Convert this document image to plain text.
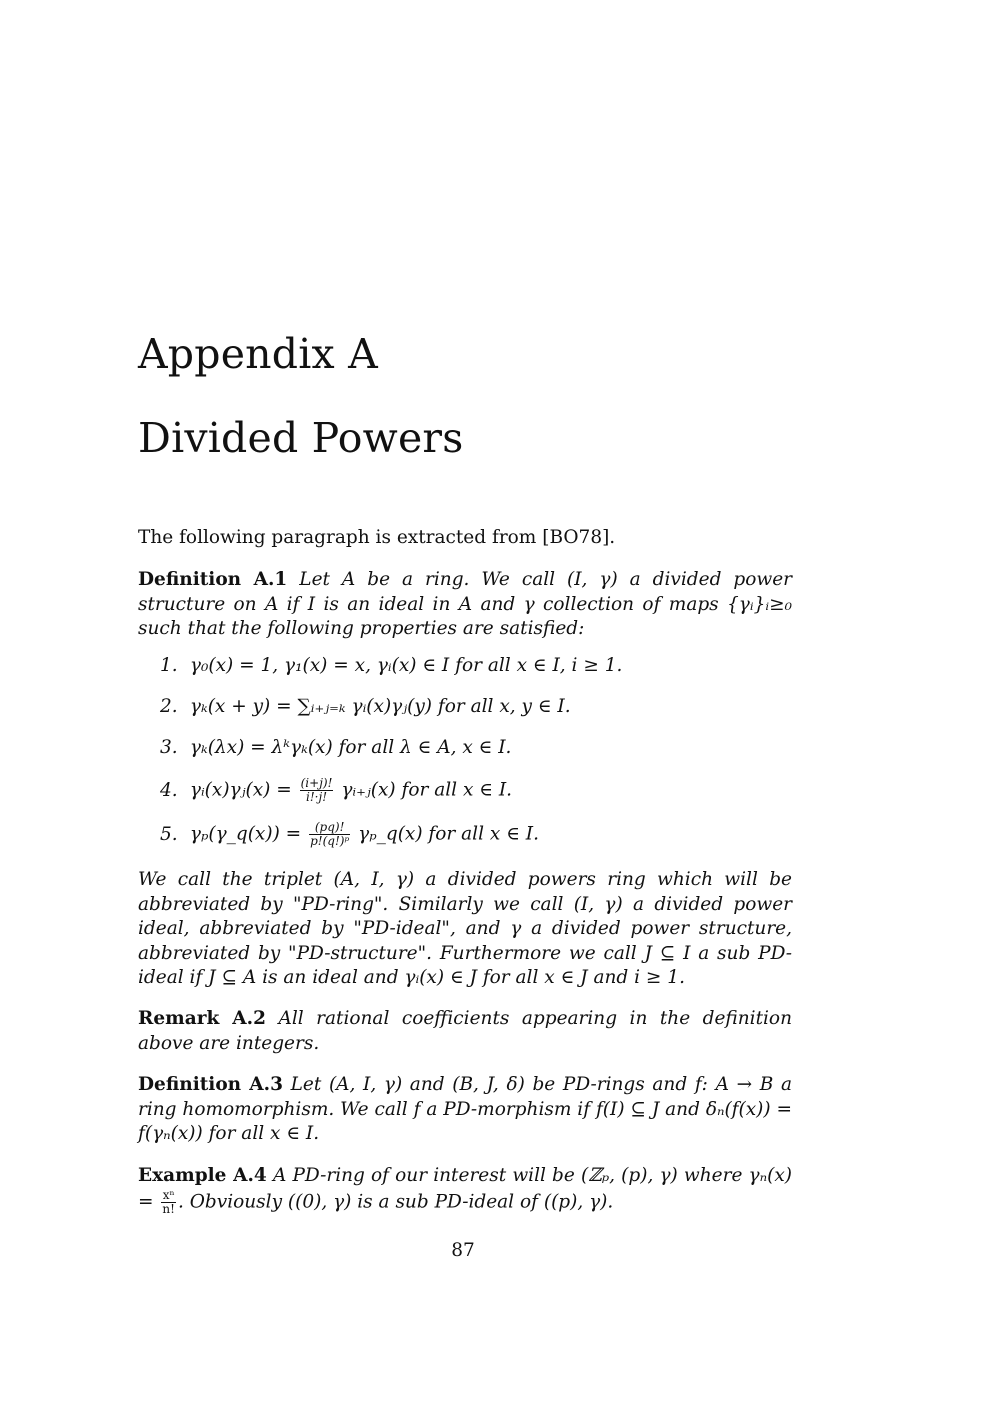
Appendix A
Divided Powers
The following paragraph is extracted from [BO78].
Definition A.1 Let A be a ring. We call (I, γ) a divided power structure on A if I is an ideal in A and γ collection of maps {γᵢ}ᵢ≥₀ such that the following properties are satisfied:
1. γ₀(x) = 1, γ₁(x) = x, γᵢ(x) ∈ I for all x ∈ I, i ≥ 1.
2. γₖ(x + y) = ∑ᵢ₊ⱼ₌ₖ γᵢ(x)γⱼ(y) for all x, y ∈ I.
3. γₖ(λx) = λᵏγₖ(x) for all λ ∈ A, x ∈ I.
4. γᵢ(x)γⱼ(x) = $\frac{(i+j)!}{i!\cdot j!}$ γᵢ₊ⱼ(x) for all x ∈ I.
5. γₚ(γ_q(x)) = $\frac{(pq)!}{\text{p!(q!)ᵖ}}$ γₚ_q(x) for all x ∈ I.
We call the triplet (A, I, γ) a divided powers ring which will be abbreviated by "PD-ring". Similarly we call (I, γ) a divided power ideal, abbreviated by "PD-ideal", and γ a divided power structure, abbreviated by "PD-structure". Furthermore we call J ⊆ I a sub PD-ideal if J ⊆ A is an ideal and γᵢ(x) ∈ J for all x ∈ J and i ≥ 1.
Remark A.2 All rational coefficients appearing in the definition above are integers.
Definition A.3 Let (A, I, γ) and (B, J, δ) be PD-rings and f: A → B a ring homomorphism. We call f a PD-morphism if f(I) ⊆ J and δₙ(f(x)) = f(γₙ(x)) for all x ∈ I.
Example A.4 A PD-ring of our interest will be (ℤₚ, (p), γ) where $\gamma_n(x) = \frac{\text{xⁿ}}{n!}$ . Obviously ((0), γ) is a sub PD-ideal of ((p), γ).
87
